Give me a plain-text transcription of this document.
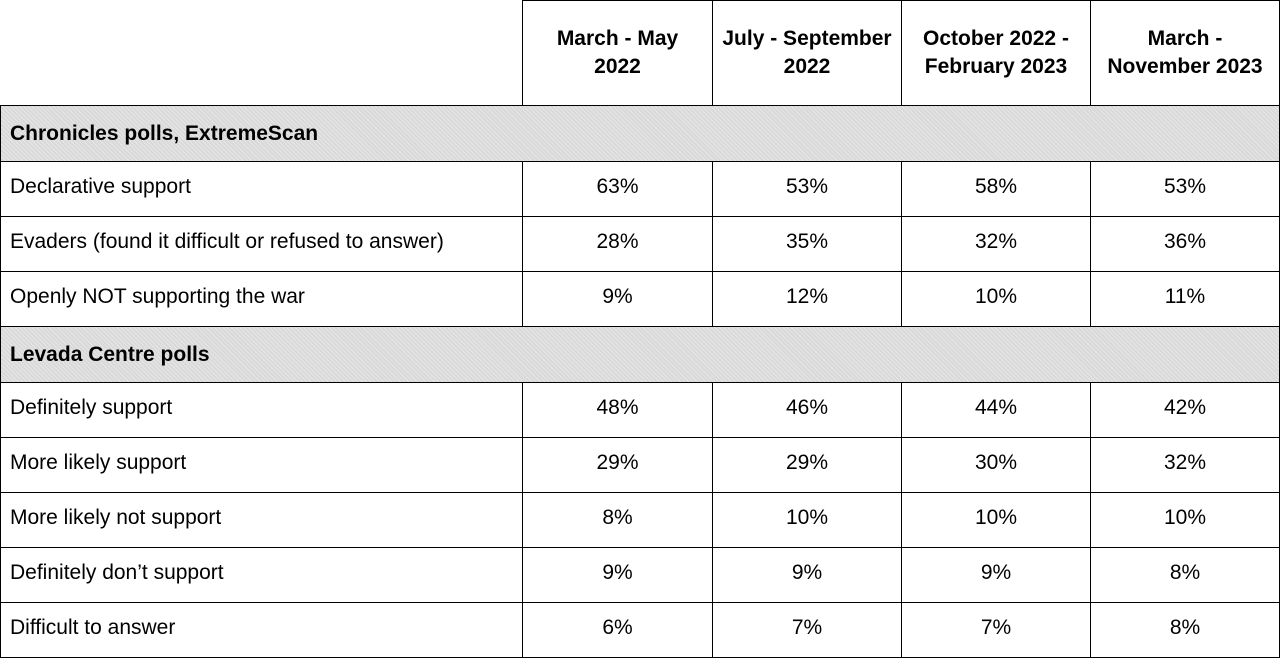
	March - May 2022	July - September 2022	October 2022 - February 2023	March - November 2023
Chronicles polls, ExtremeScan				
Declarative support	63%	53%	58%	53%
Evaders (found it difficult or refused to answer)	28%	35%	32%	36%
Openly NOT supporting the war	9%	12%	10%	11%
Levada Centre polls				
Definitely support	48%	46%	44%	42%
More likely support	29%	29%	30%	32%
More likely not support	8%	10%	10%	10%
Definitely don’t support	9%	9%	9%	8%
Difficult to answer	6%	7%	7%	8%
